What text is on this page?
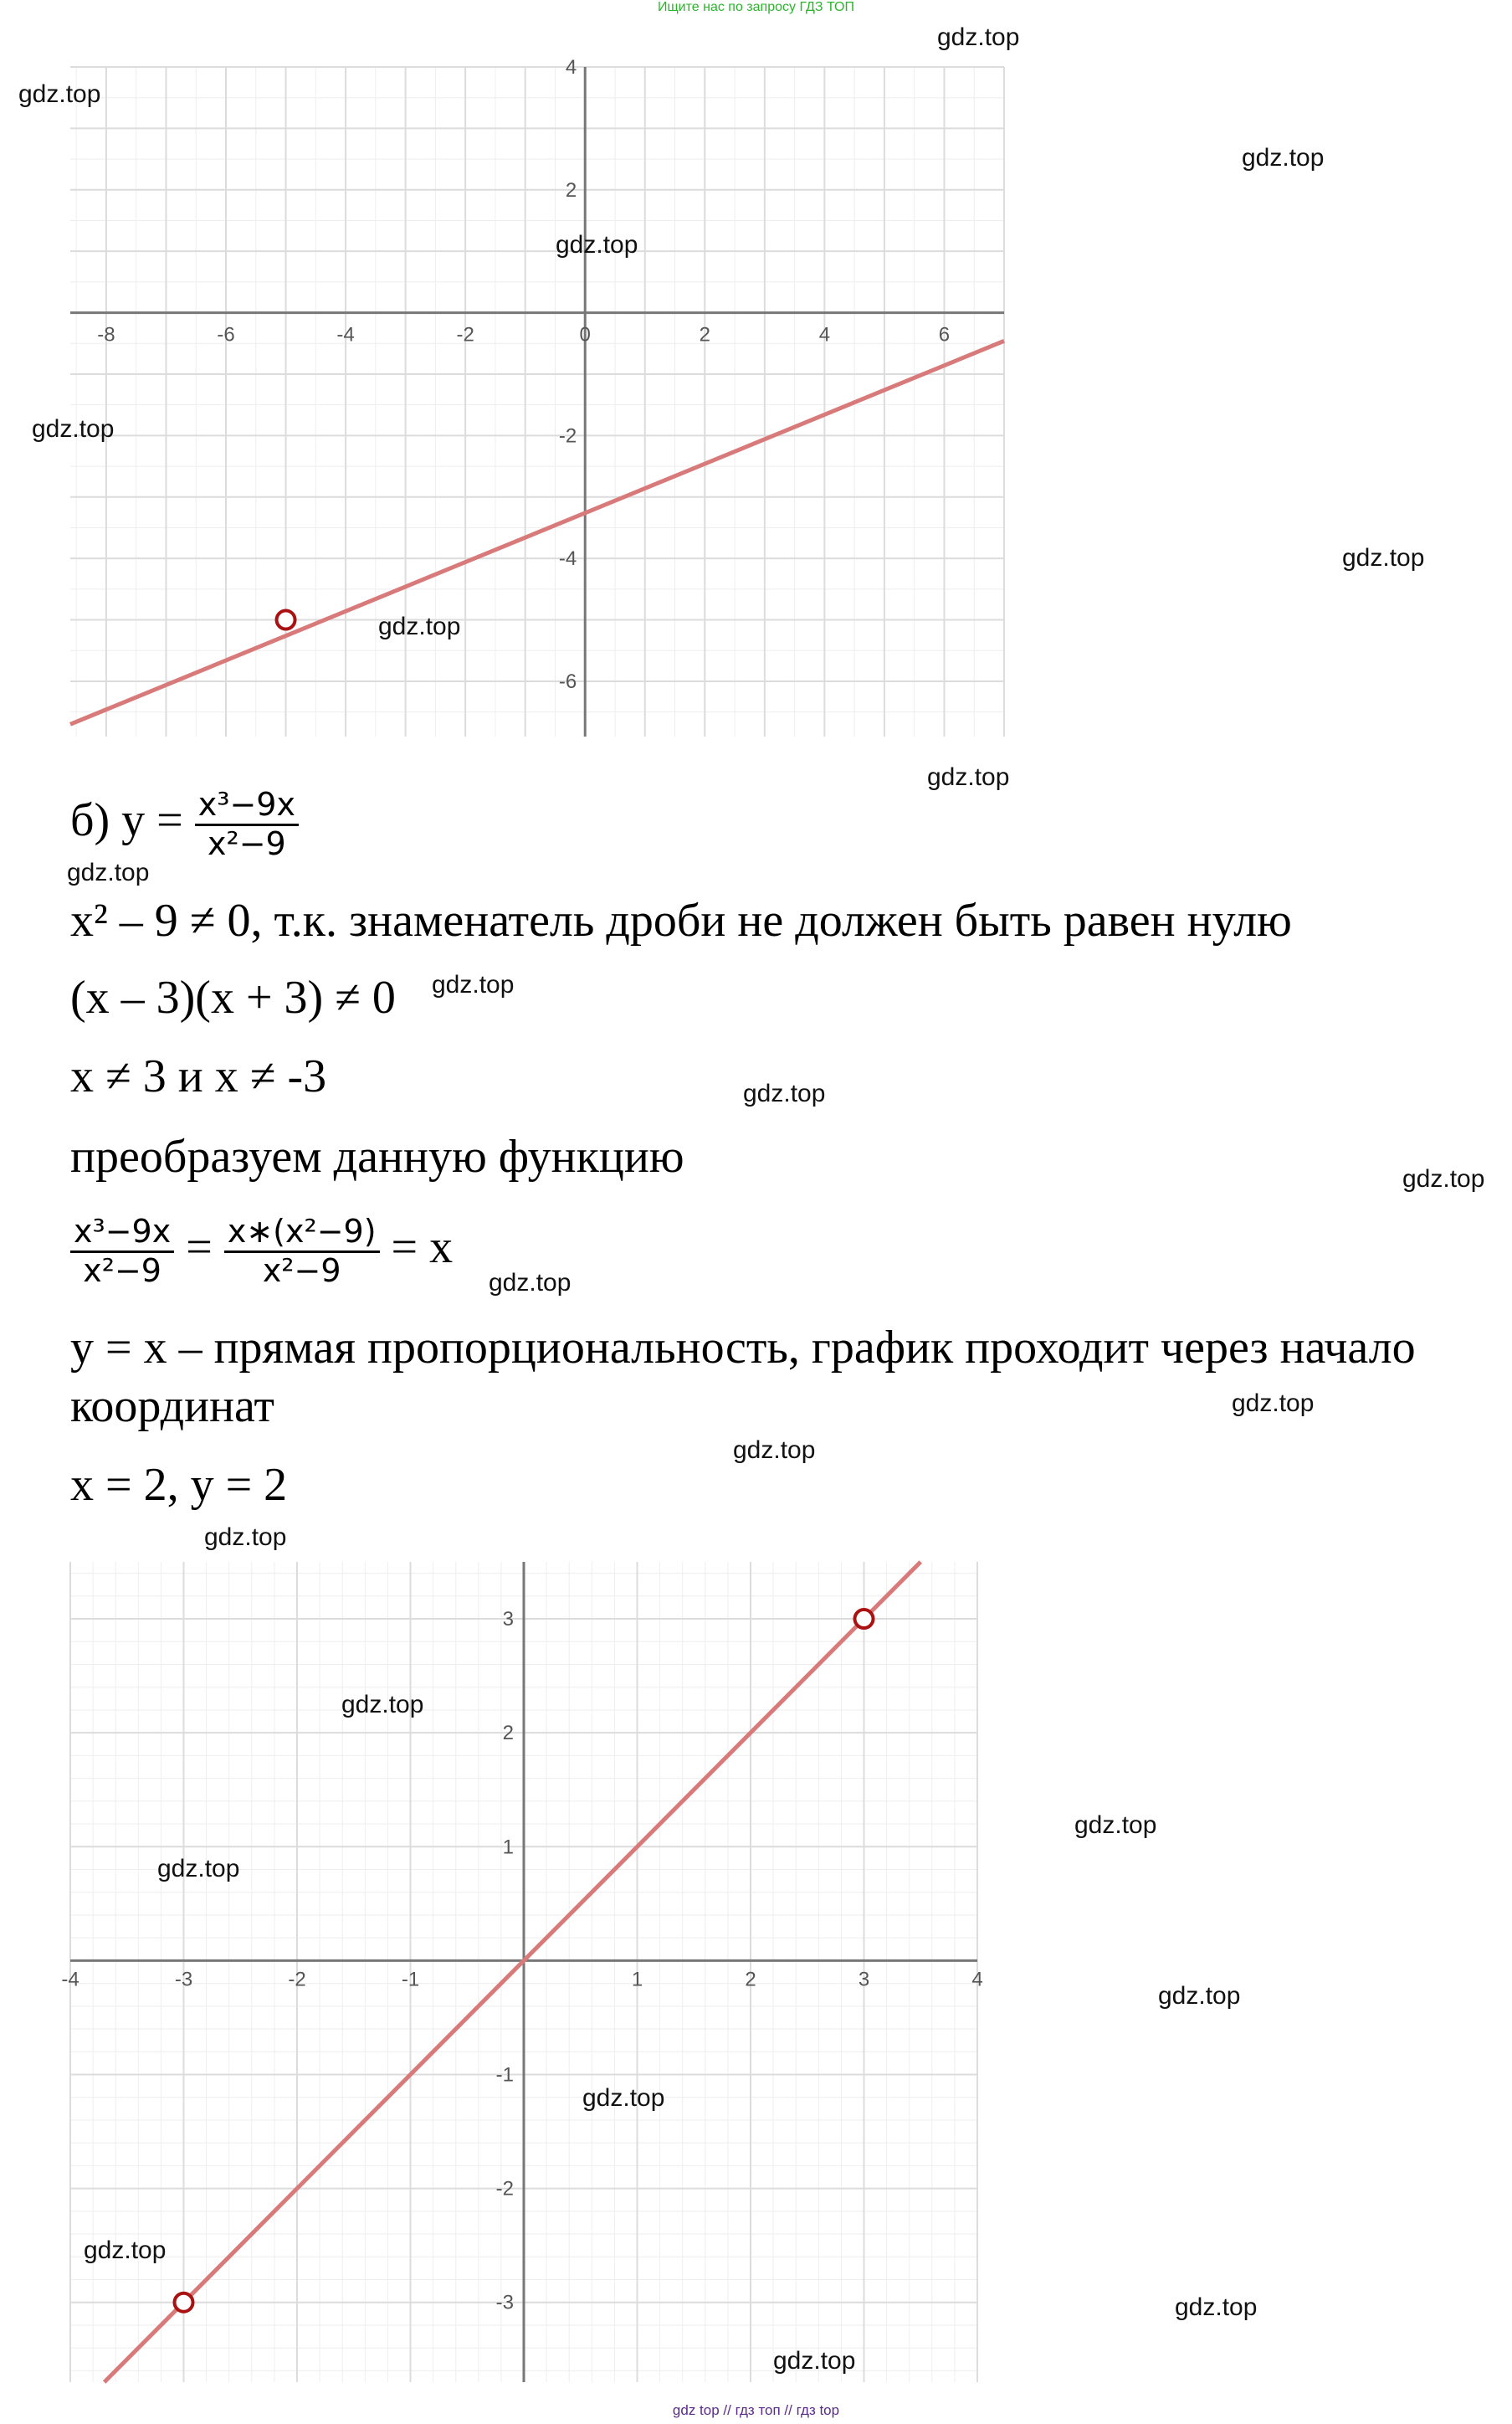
Ищите нас по запросу ГДЗ ТОП
-8	-6	-4	-2	0	2	4	6
4
2
-2
-4
-6
б) $y = \frac{\text{x³−9x}}{\text{x²−9}}$
x² – 9 ≠ 0, т.к. знаменатель дроби не должен быть равен нулю
(x – 3)(x + 3) ≠ 0
x ≠ 3 и x ≠ -3
преобразуем данную функцию
$\frac{\text{x³−9x}}{\text{x²−9}} = \frac{\text{x∗(x²−9)}}{\text{x²−9}} = x$
y = x – прямая пропорциональность, график проходит через начало
координат
x = 2, y = 2
-4	-3	-2	-1	1	2	3	4
3
2
1
-1
-2
-3
gdz.top
gdz.top
gdz.top
gdz.top
gdz.top
gdz.top
gdz.top
gdz.top
gdz.top
gdz.top
gdz.top
gdz.top
gdz.top
gdz.top
gdz.top
gdz.top
gdz.top
gdz.top
gdz.top
gdz.top
gdz.top
gdz.top
gdz.top
gdz.top
gdz top // гдз топ // гдз top
